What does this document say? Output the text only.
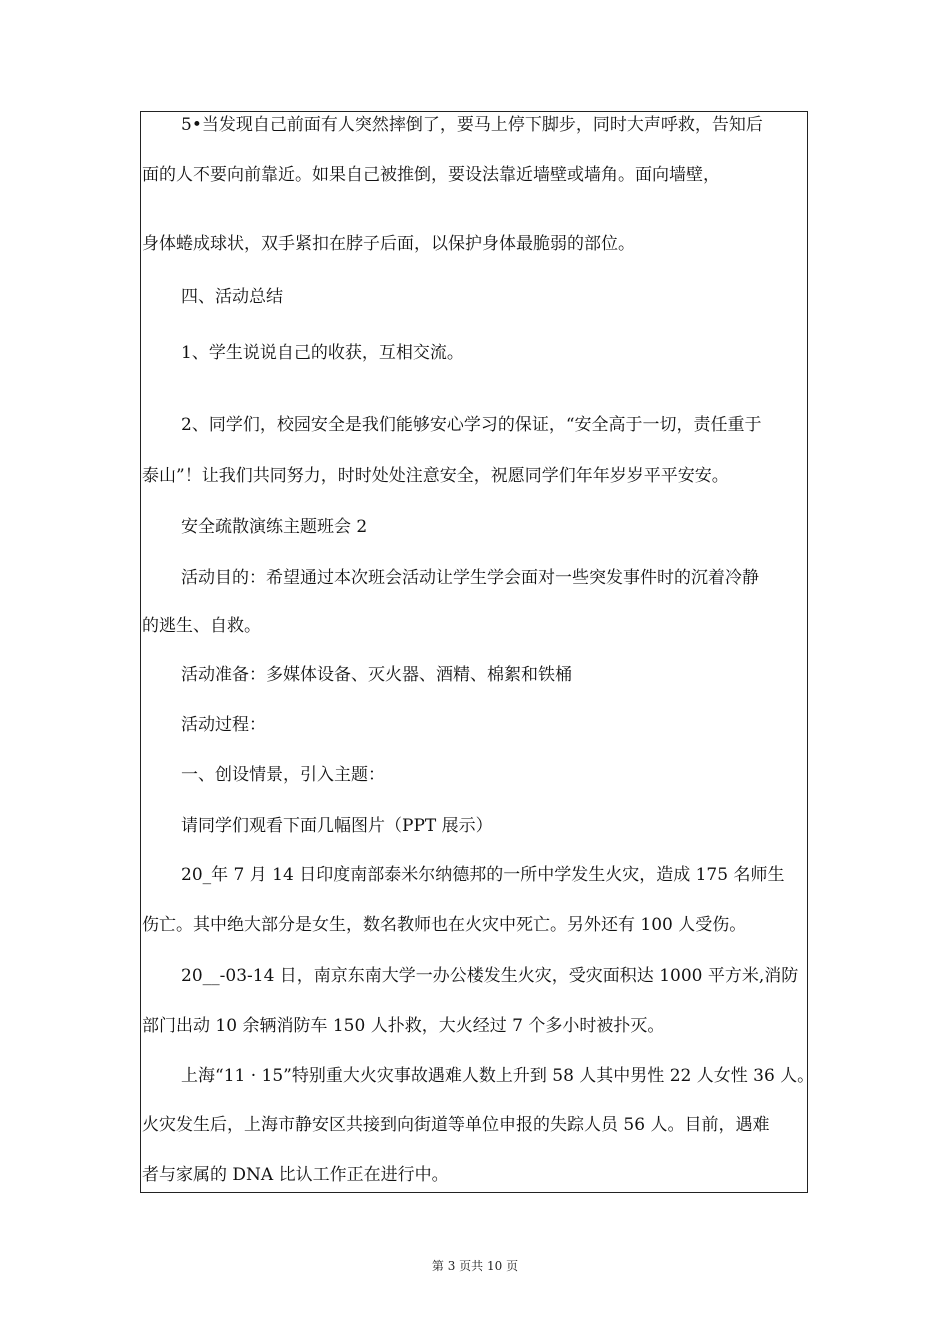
5•当发现自己前面有人突然摔倒了，要马上停下脚步，同时大声呼救，告知后
面的人不要向前靠近。如果自己被推倒，要设法靠近墙壁或墙角。面向墙壁，
身体蜷成球状，双手紧扣在脖子后面，以保护身体最脆弱的部位。
四、活动总结
1、学生说说自己的收获，互相交流。
2、同学们，校园安全是我们能够安心学习的保证，“安全高于一切，责任重于
泰山”！让我们共同努力，时时处处注意安全，祝愿同学们年年岁岁平平安安。
安全疏散演练主题班会 2
活动目的：希望通过本次班会活动让学生学会面对一些突发事件时的沉着冷静
的逃生、自救。
活动准备：多媒体设备、灭火器、酒精、棉絮和铁桶
活动过程：
一、创设情景，引入主题：
请同学们观看下面几幅图片（PPT 展示）
20_年 7 月 14 日印度南部泰米尔纳德邦的一所中学发生火灾，造成 175 名师生
伤亡。其中绝大部分是女生，数名教师也在火灾中死亡。另外还有 100 人受伤。
20__-03-14 日，南京东南大学一办公楼发生火灾，受灾面积达 1000 平方米,消防
部门出动 10 余辆消防车 150 人扑救，大火经过 7 个多小时被扑灭。
上海“11 · 15”特别重大火灾事故遇难人数上升到 58 人其中男性 22 人女性 36 人。
火灾发生后，上海市静安区共接到向街道等单位申报的失踪人员 56 人。目前，遇难
者与家属的 DNA 比认工作正在进行中。
第 3 页共 10 页
